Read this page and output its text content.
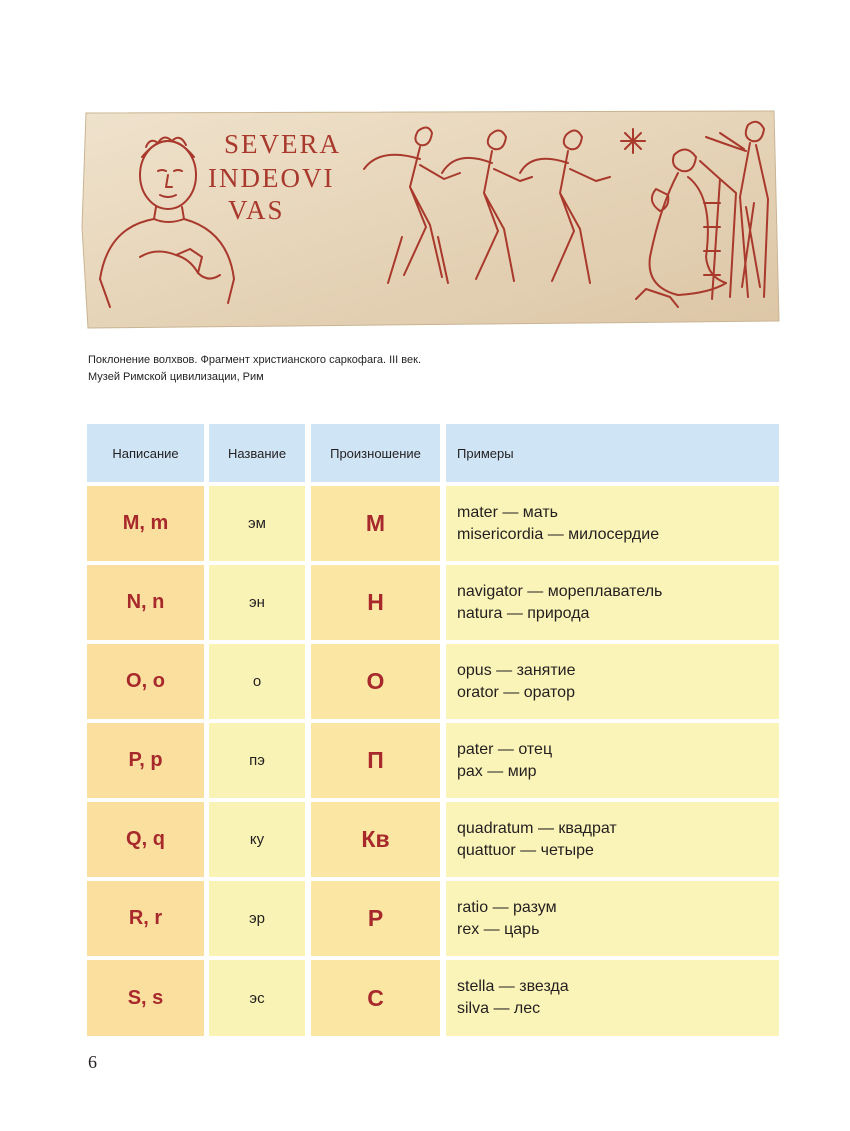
SEVERA
INDEOVI
VAS
Поклонение волхвов. Фрагмент христианского саркофага. III век.
Музей Римской цивилизации, Рим
Написание	Название	Произношение	Примеры
M, m	эм	М	mater — мать
misericordia — милосердие
N, n	эн	Н	navigator — мореплаватель
natura — природа
O, o	о	О	opus — занятие
orator — оратор
P, p	пэ	П	pater — отец
pax — мир
Q, q	ку	Кв	quadratum — квадрат
quattuor — четыре
R, r	эр	Р	ratio — разум
rex — царь
S, s	эс	С	stella — звезда
silva — лес
6
